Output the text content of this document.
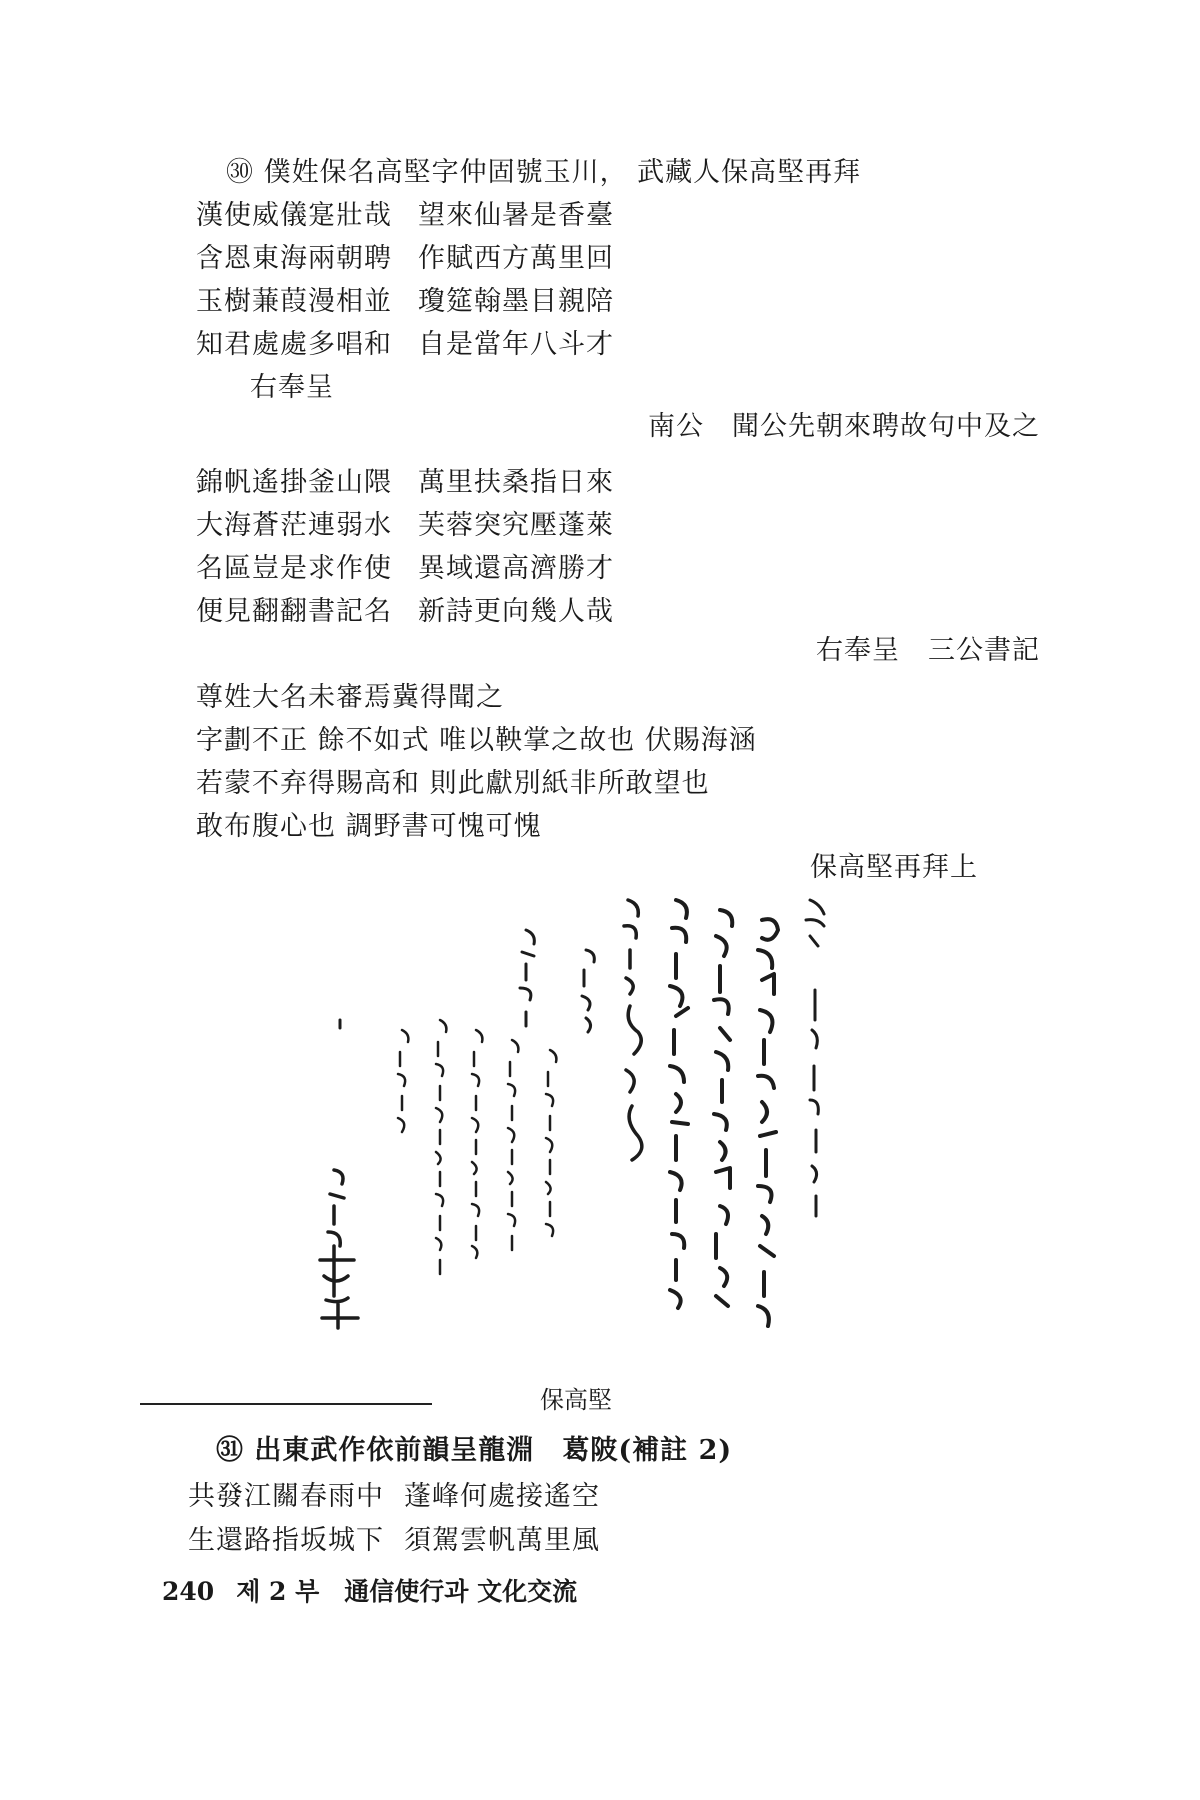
㉚ 僕姓保名高堅字仲固號玉川， 武藏人保高堅再拜
漢使威儀寔壯哉 望來仙暑是香臺
含恩東海兩朝聘 作賦西方萬里回
玉樹蒹葭漫相並 瓊筵翰墨目親陪
知君處處多唱和 自是當年八斗才
右奉呈
南公　聞公先朝來聘故句中及之
錦帆遙掛釜山隈 萬里扶桑指日來
大海蒼茫連弱水 芙蓉突究壓蓬萊
名區豈是求作使 異域還高濟勝才
便見翻翻書記名 新詩更向幾人哉
右奉呈　三公書記
尊姓大名未審焉冀得聞之
字劃不正 餘不如式 唯以鞅掌之故也 伏賜海涵
若蒙不弃得賜高和 則此獻別紙非所敢望也
敢布腹心也 調野書可愧可愧
保高堅再拜上
保高堅
㉛ 出東武作依前韻呈龍淵　葛陂(補註 2)
共發江關春雨中 蓬峰何處接遙空
生還路指坂城下 須駕雲帆萬里風
240 제 2 부　通信使行과 文化交流
